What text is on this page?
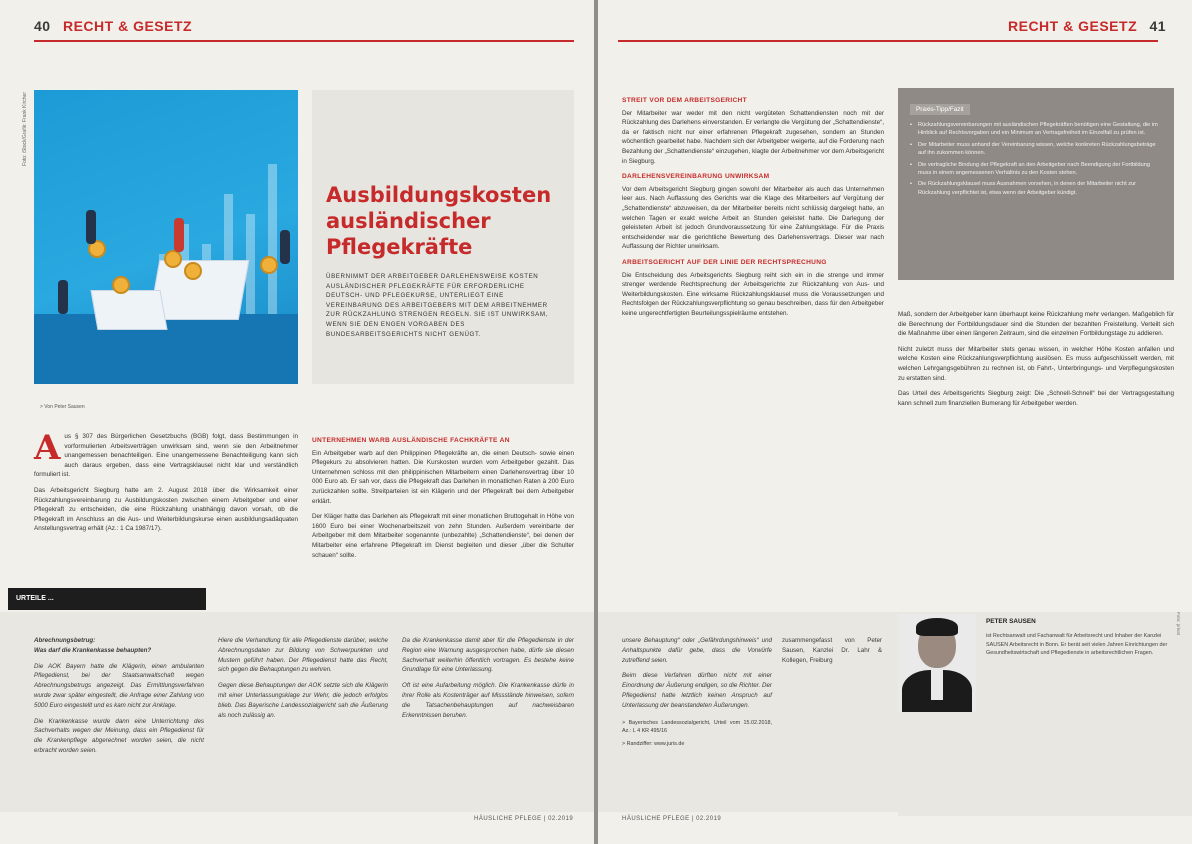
40 RECHT & GESETZ
Foto: iStock/Grafik: Frank Kircher
Ausbildungskosten ausländischer Pflegekräfte

ÜBERNIMMT DER ARBEITGEBER DARLEHENSWEISE KOSTEN AUSLÄNDISCHER PFLEGEKRÄFTE FÜR ERFORDERLICHE DEUTSCH- UND PFLEGEKURSE, UNTERLIEGT EINE VEREINBARUNG DES ARBEITGEBERS MIT DEM ARBEITNEHMER ZUR RÜCKZAHLUNG STRENGEN REGELN. SIE IST UNWIRKSAM, WENN SIE DEN ENGEN VORGABEN DES BUNDESARBEITSGERICHTS NICHT GENÜGT.

> Von Peter Sausen

Aus § 307 des Bürgerlichen Gesetzbuchs (BGB) folgt, dass Bestimmungen in vorformulierten Arbeitsverträgen unwirksam sind, wenn sie den Arbeitnehmer unangemessen benachteiligen. Eine unangemessene Benachteiligung kann sich auch daraus ergeben, dass eine Vertragsklausel nicht klar und verständlich formuliert ist.

Das Arbeitsgericht Siegburg hatte am 2. August 2018 über die Wirksamkeit einer Rückzahlungsvereinbarung zu Ausbildungskosten zwischen einem Arbeitgeber und einer Pflegekraft zu entscheiden, die eine Rückzahlung unabhängig davon vorsah, ob die Pflegekraft im Anschluss an die Aus- und Weiterbildungskurse einen ausbildungsadäquaten Anstellungsvertrag erhält (Az.: 1 Ca 1987/17).

UNTERNEHMEN WARB AUSLÄNDISCHE FACHKRÄFTE AN

Ein Arbeitgeber warb auf den Philippinen Pflegekräfte an, die einen Deutsch- sowie einen Pflegekurs zu absolvieren hatten. Die Kurskosten wurden vom Arbeitgeber gezahlt. Das Unternehmen schloss mit den philippinischen Mitarbeitern einen Darlehensvertrag über 10 000 Euro ab. Er sah vor, dass die Pflegekraft das Darlehen in monatlichen Raten à 200 Euro zurückzahlen sollte. Streitparteien ist ein Klägerin und der Pflegekraft bei dem Arbeitgeber erklärt.

Der Kläger hatte das Darlehen als Pflegekraft mit einer monatlichen Bruttogehalt in Höhe von 1600 Euro bei einer Wochenarbeitszeit von zehn Stunden. Außerdem vereinbarte der Arbeitgeber mit dem Mitarbeiter sogenannte (unbezahlte) „Schattendienste“, bei denen der Mitarbeiter eine erfahrene Pflegekraft im Dienst begleiten und dieser „über die Schulter schauen“ sollte.

URTEILE ...

Abrechnungsbetrug:
Was darf die Krankenkasse behaupten?

Die AOK Bayern hatte die Klägerin, einen ambulanten Pflegedienst, bei der Staatsanwaltschaft wegen Abrechnungsbetrugs angezeigt. Das Ermittlungsverfahren wurde zwar später eingestellt, die Anfrage einer Zahlung von 5000 Euro eingestellt und es kam nicht zur Anklage.

Die Krankenkasse wurde dann eine Unterrichtung des Sachverhalts wegen der Meinung, dass ein Pflegedienst für die Krankenpflege abgerechnet worden seien, die nicht erbracht worden seien.

Hiere die Verhandlung für alle Pflegedienste darüber, welche Abrechnungsdaten zur Bildung von Schwerpunkten und Mustern geführt haben. Der Pflegedienst hatte das Recht, sich gegen die Behauptungen zu wehren.

Gegen diese Behauptungen der AOK setzte sich die Klägerin mit einer Unterlassungsklage zur Wehr, die jedoch erfolglos blieb. Das Bayerische Landessozialgericht sah die Äußerung als noch zulässig an.

Da die Krankenkasse damit aber für die Pflegedienste in der Region eine Warnung ausgesprochen habe, dürfe sie diesen Sachverhalt weiterhin öffentlich vortragen. Es bestehe keine Grundlage für eine Unterlassung.

Oft ist eine Aufarbeitung möglich. Die Krankenkasse dürfe in ihrer Rolle als Kostenträger auf Missstände hinweisen, sofern die Tatsachenbehauptungen auf nachweisbaren Erkenntnissen beruhen.

HÄUSLICHE PFLEGE | 02.2019
RECHT & GESETZ 41
STREIT VOR DEM ARBEITSGERICHT

Der Mitarbeiter war weder mit den nicht vergüteten Schattendiensten noch mit der Rückzahlung des Darlehens einverstanden. Er verlangte die Vergütung der „Schattendienste“, da er faktisch nicht nur einer erfahrenen Pflegekraft zugesehen, sondern an Stunden wöchentlich gearbeitet habe. Nachdem sich der Arbeitgeber weigerte, auf die Forderung nach Bezahlung der „Schattendienste“ einzugehen, klagte der Arbeitnehmer vor dem Arbeitsgericht in Siegburg.

DARLEHENSVEREINBARUNG UNWIRKSAM

Vor dem Arbeitsgericht Siegburg gingen sowohl der Mitarbeiter als auch das Unternehmen leer aus. Nach Auffassung des Gerichts war die Klage des Mitarbeiters auf Vergütung der „Schattendienste“ abzuweisen, da der Mitarbeiter bereits nicht schlüssig dargelegt hatte, an welchen Tagen er exakt welche Arbeit an Stunden geleistet hatte. Die Darlegung der geleisteten Arbeit ist jedoch Grundvoraussetzung für eine Zahlungsklage. Für die Praxis entscheidender war die gerichtliche Bewertung des Darlehensvertrags. Dieser war nach Auffassung der Richter unwirksam.

ARBEITSGERICHT AUF DER LINIE DER RECHTSPRECHUNG

Die Entscheidung des Arbeitsgerichts Siegburg reiht sich ein in die strenge und immer strenger werdende Rechtsprechung der Arbeitsgerichte zur Rückzahlung von Aus- und Weiterbildungskosten. Eine wirksame Rückzahlungsklausel muss die Voraussetzungen und Rechtsfolgen der Rückzahlungsverpflichtung so genau beschreiben, dass für den Arbeitgeber keine ungerechtfertigten Beurteilungsspielräume entstehen.

Praxis-Tipp/Fazit
• Rückzahlungsvereinbarungen mit ausländischen Pflegekräften benötigen eine Gestaltung, die im Hinblick auf Rechtsvorgaben und ein Minimum an Vertragsfreiheit im Einzelfall zu prüfen ist.
• Der Mitarbeiter muss anhand der Vereinbarung wissen, welche konkreten Rückzahlungsbeträge auf ihn zukommen können.
• Die vertragliche Bindung der Pflegekraft an den Arbeitgeber nach Beendigung der Fortbildung muss in einem angemessenen Verhältnis zu den Kosten stehen.
• Die Rückzahlungsklausel muss Ausnahmen vorsehen, in denen der Mitarbeiter nicht zur Rückzahlung verpflichtet ist, etwa wenn der Arbeitgeber kündigt.

Maß, sondern der Arbeitgeber kann überhaupt keine Rückzahlung mehr verlangen. Maßgeblich für die Berechnung der Fortbildungsdauer sind die Stunden der bezahlten Freistellung. Verteilt sich die Maßnahme über einen längeren Zeitraum, sind die einzelnen Fortbildungstage zu addieren.

Nicht zuletzt muss der Mitarbeiter stets genau wissen, in welcher Höhe Kosten anfallen und welche Kosten eine Rückzahlungsverpflichtung auslösen. Es muss aufgeschlüsselt werden, mit welchen Lehrgangsgebühren zu rechnen ist, ob Fahrt-, Unterbringungs- und Verpflegungskosten zu erstatten sind.

Das Urteil des Arbeitsgerichts Siegburg zeigt: Die „Schnell-Schnell“ bei der Vertragsgestaltung kann schnell zum finanziellen Bumerang für Arbeitgeber werden.

unsere Behauptung“ oder „Gefährdungshinweis“ und Anhaltspunkte dafür gebe, dass die Vorwürfe zutreffend seien.

Beim diese Verfahren dürften nicht mit einer Einordnung der Äußerung endigen, so die Richter. Der Pflegedienst hatte letztlich keinen Anspruch auf Unterlassung der beanstandeten Äußerungen.

> Bayerisches Landessozialgericht, Urteil vom 15.02.2018, Az.: L 4 KR 495/16
> Randziffer: www.juris.de

zusammengefasst von Peter Sausen, Kanzlei Dr. Lahr & Kollegen, Freiburg

PETER SAUSEN
ist Rechtsanwalt und Fachanwalt für Arbeitsrecht und Inhaber der Kanzlei SAUSEN Arbeitsrecht in Bonn. Er berät seit vielen Jahren Einrichtungen der Gesundheitswirtschaft und Pflegedienste in arbeitsrechtlichen Fragen.
Foto: privat
HÄUSLICHE PFLEGE | 02.2019
